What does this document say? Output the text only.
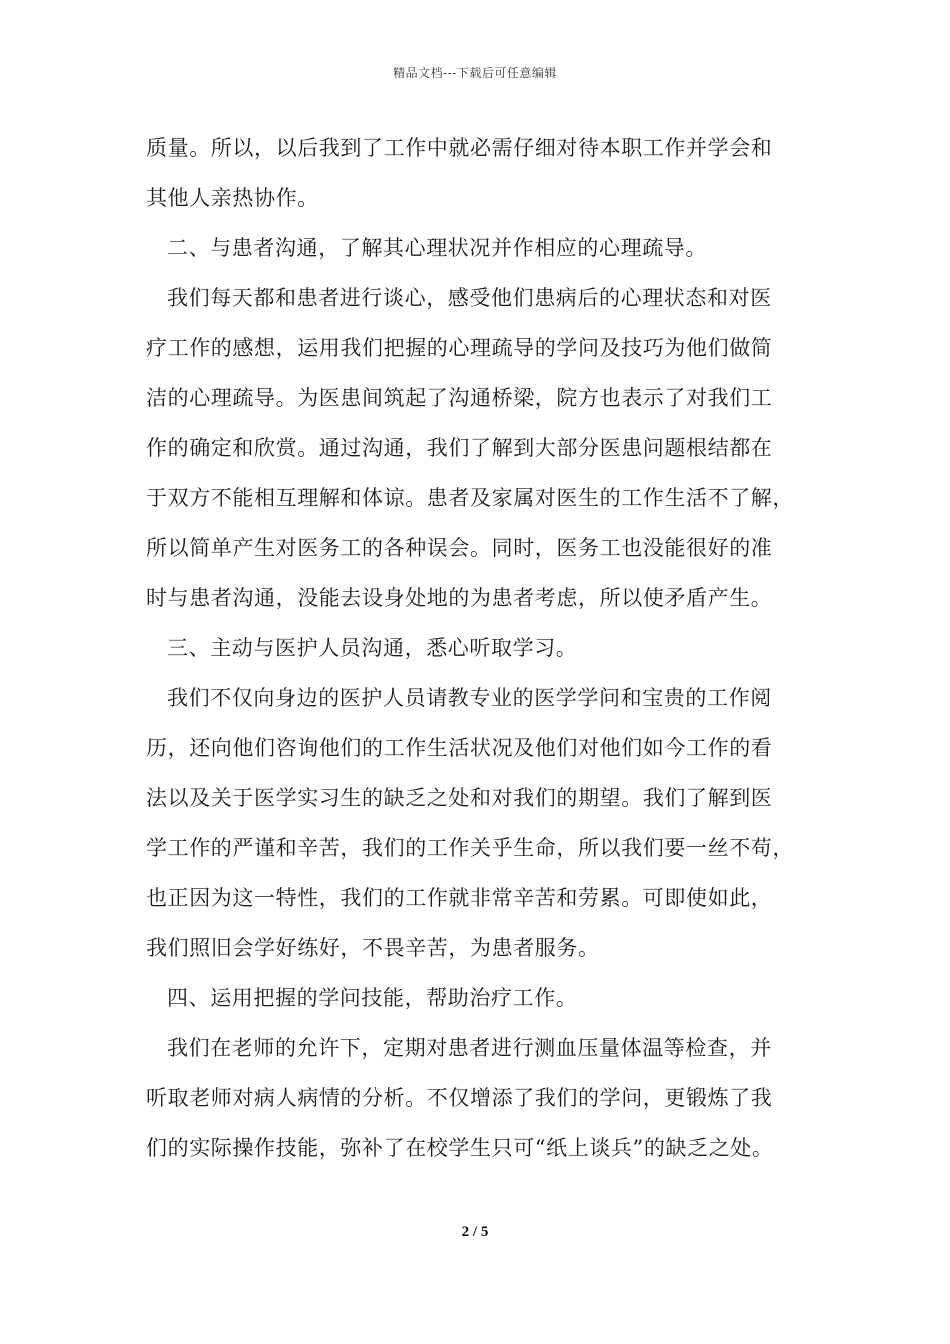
精品文档---下载后可任意编辑
质量。所以，以后我到了工作中就必需仔细对待本职工作并学会和
其他人亲热协作。
二、与患者沟通，了解其心理状况并作相应的心理疏导。
我们每天都和患者进行谈心，感受他们患病后的心理状态和对医
疗工作的感想，运用我们把握的心理疏导的学问及技巧为他们做简
洁的心理疏导。为医患间筑起了沟通桥梁，院方也表示了对我们工
作的确定和欣赏。通过沟通，我们了解到大部分医患问题根结都在
于双方不能相互理解和体谅。患者及家属对医生的工作生活不了解，
所以简单产生对医务工的各种误会。同时，医务工也没能很好的准
时与患者沟通，没能去设身处地的为患者考虑，所以使矛盾产生。
三、主动与医护人员沟通，悉心听取学习。
我们不仅向身边的医护人员请教专业的医学学问和宝贵的工作阅
历，还向他们咨询他们的工作生活状况及他们对他们如今工作的看
法以及关于医学实习生的缺乏之处和对我们的期望。我们了解到医
学工作的严谨和辛苦，我们的工作关乎生命，所以我们要一丝不苟，
也正因为这一特性，我们的工作就非常辛苦和劳累。可即使如此，
我们照旧会学好练好，不畏辛苦，为患者服务。
四、运用把握的学问技能，帮助治疗工作。
我们在老师的允许下，定期对患者进行测血压量体温等检查，并
听取老师对病人病情的分析。不仅增添了我们的学问，更锻炼了我
们的实际操作技能，弥补了在校学生只可“纸上谈兵”的缺乏之处。
2 / 5
